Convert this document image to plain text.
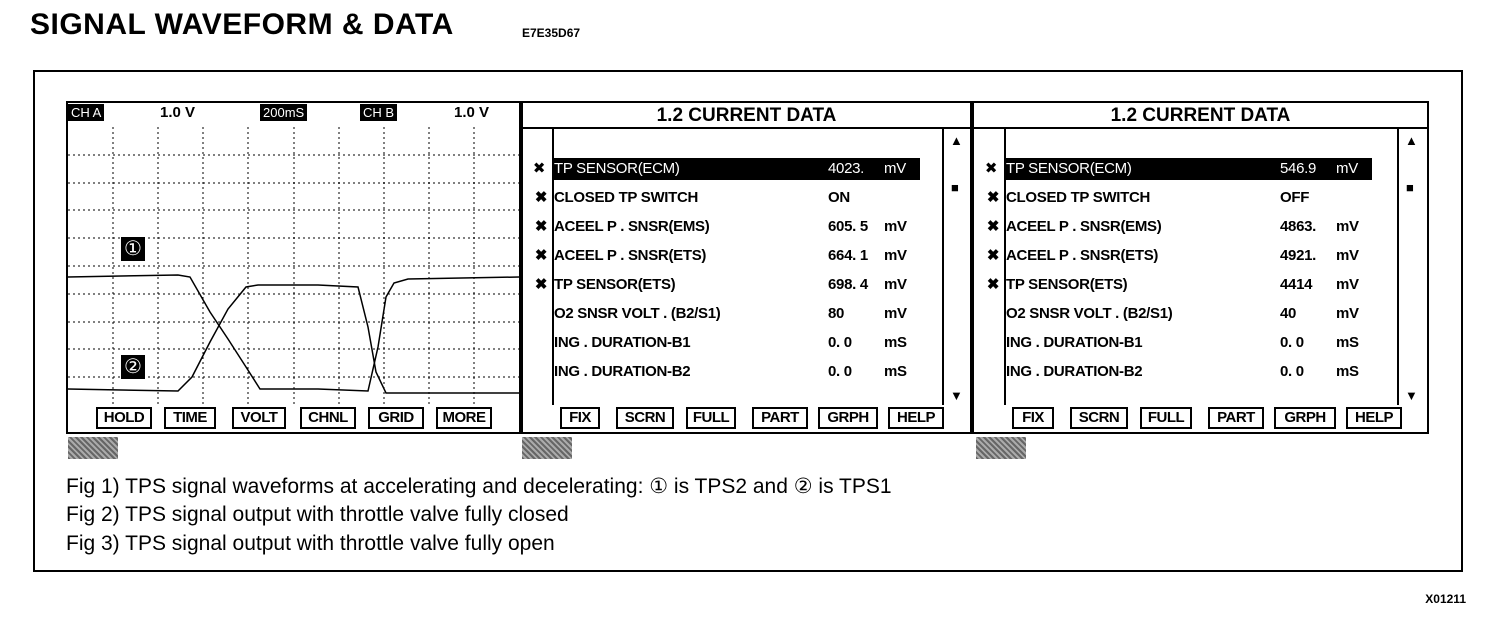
SIGNAL WAVEFORM & DATA	E7E35D67
CH A	1.0 V	200mS	CH B	1.0 V
①
②
HOLD	TIME	VOLT	CHNL	GRID	MORE
1.2 CURRENT DATA
▲
■
▼
✖ TP SENSOR(ECM)	4023. mV
✖ CLOSED TP SWITCH	ON
✖ ACEEL P . SNSR(EMS)	605. 5 mV
✖ ACEEL P . SNSR(ETS)	664. 1 mV
✖ TP SENSOR(ETS)	698. 4 mV
O2 SNSR VOLT . (B2/S1)	80	mV
ING . DURATION-B1	0. 0 mS
ING . DURATION-B2	0. 0 mS
FIX	SCRN	FULL	PART	GRPH	HELP
1.2 CURRENT DATA
▲
■
▼
✖ TP SENSOR(ECM)	546.9 mV
✖ CLOSED TP SWITCH	OFF
✖ ACEEL P . SNSR(EMS)	4863. mV
✖ ACEEL P . SNSR(ETS)	4921. mV
✖ TP SENSOR(ETS)	4414 mV
O2 SNSR VOLT . (B2/S1)	40	mV
ING . DURATION-B1	0. 0 mS
ING . DURATION-B2	0. 0 mS
FIX	SCRN	FULL	PART	GRPH	HELP
Fig 1) TPS signal waveforms at accelerating and decelerating: ① is TPS2 and ② is TPS1
Fig 2) TPS signal output with throttle valve fully closed
Fig 3) TPS signal output with throttle valve fully open
X01211
